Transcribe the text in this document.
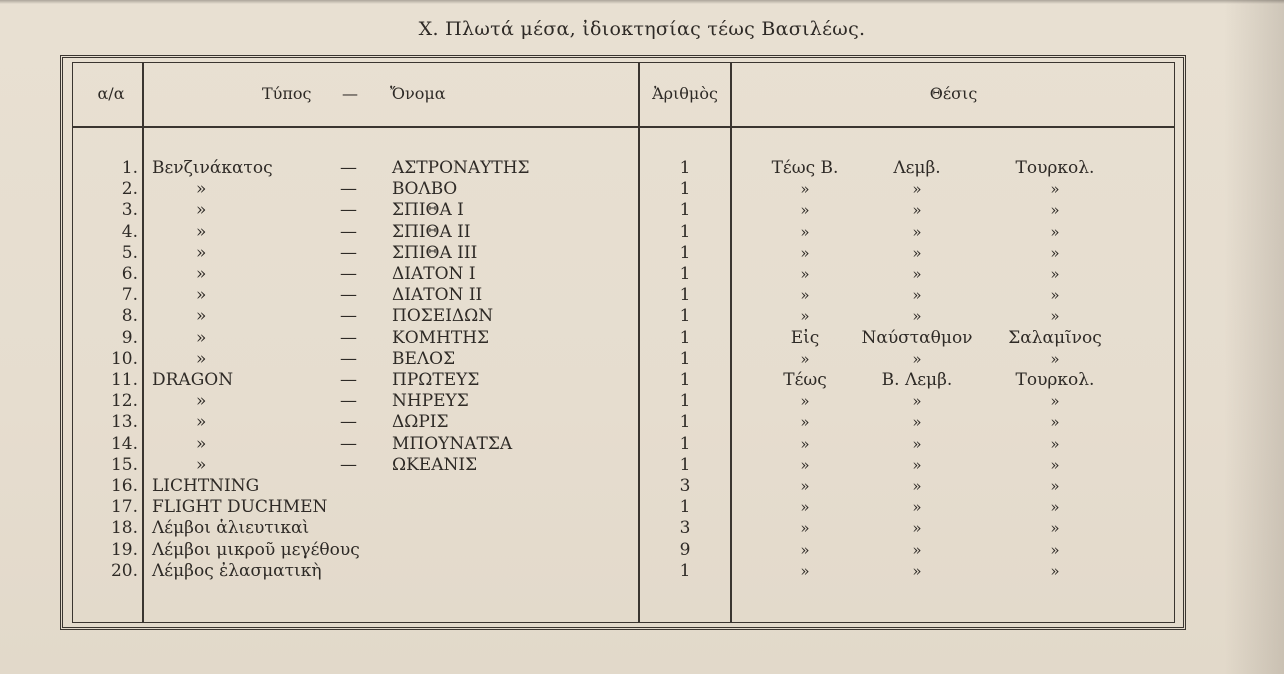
X. Πλωτά μέσα, ἰδιοκτησίας τέως Βασιλέως.
α/α	Τύπος — Ὄνομα	Ἀριθμὸς	Θέσις
1. Βενζινάκατος	— ΑΣΤΡΟΝΑΥΤΗΣ	1	Τέως Β.	Λεμβ.	Τουρκολ.
2.	»	— ΒΟΛΒΟ	1	»	»	»
3.	»	— ΣΠΙΘΑ Ι	1	»	»	»
4.	»	— ΣΠΙΘΑ ΙΙ	1	»	»	»
5.	»	— ΣΠΙΘΑ ΙΙΙ	1	»	»	»
6.	»	— ΔΙΑΤΟΝ Ι	1	»	»	»
7.	»	— ΔΙΑΤΟΝ ΙΙ	1	»	»	»
8.	»	— ΠΟΣΕΙΔΩΝ	1	»	»	»
9.	»	— ΚΟΜΗΤΗΣ	1	Εἰς	Ναύσταθμον	Σαλαμῖνος
10.	»	— ΒΕΛΟΣ	1	»	»	»
11. DRAGON	— ΠΡΩΤΕΥΣ	1	Τέως	Β. Λεμβ.	Τουρκολ.
12.	»	— ΝΗΡΕΥΣ	1	»	»	»
13.	»	— ΔΩΡΙΣ	1	»	»	»
14.	»	— ΜΠΟΥΝΑΤΣΑ	1	»	»	»
15.	»	— ΩΚΕΑΝΙΣ	1	»	»	»
16. LICHTNING	3	»	»	»
17. FLIGHT DUCHMEN	1	»	»	»
18. Λέμβοι ἁλιευτικαὶ	3	»	»	»
19. Λέμβοι μικροῦ μεγέθους	9	»	»	»
20. Λέμβος ἐλασματικὴ	1	»	»	»
